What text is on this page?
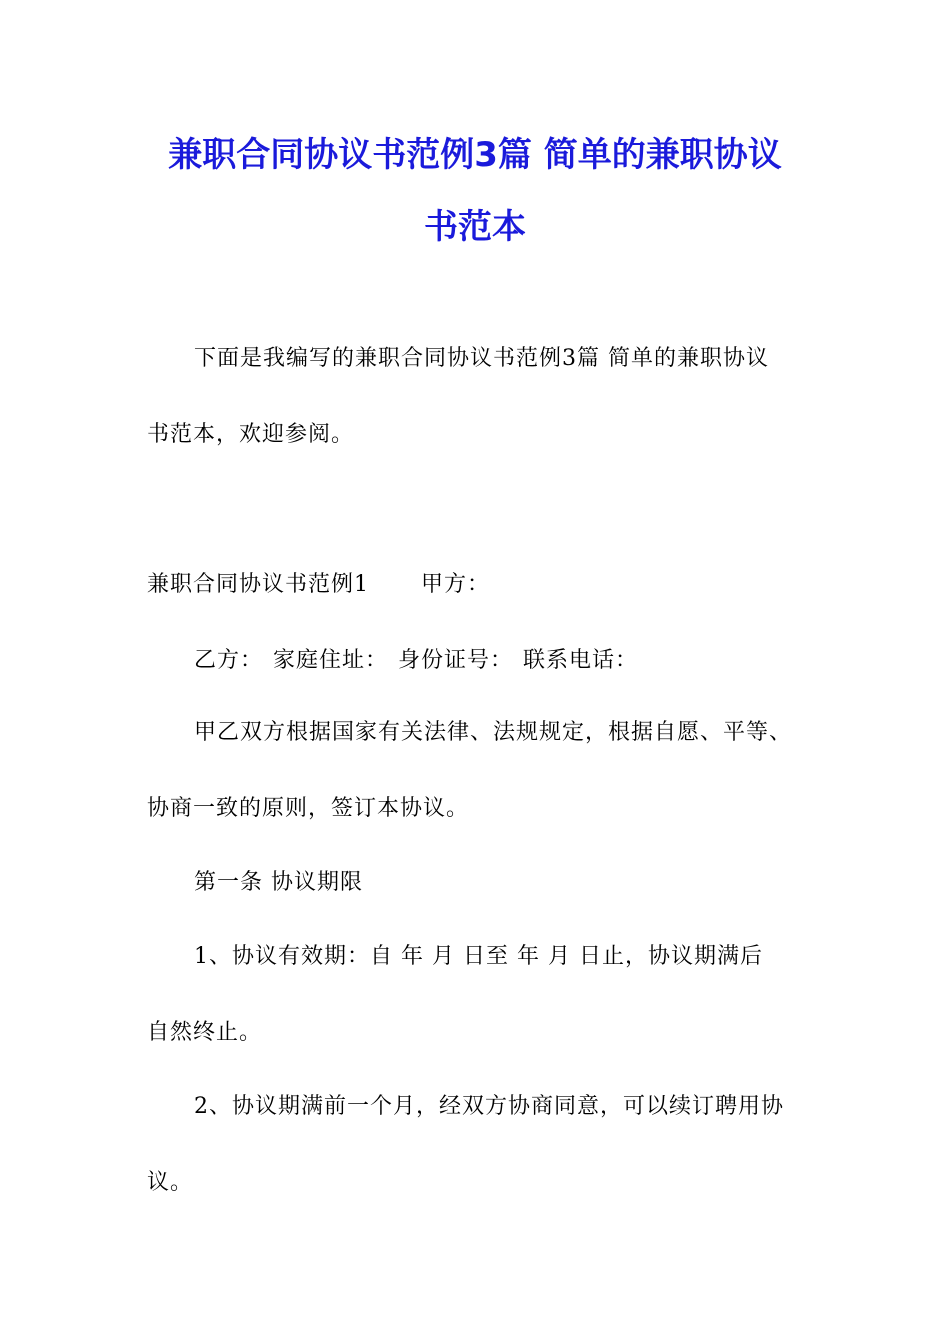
兼职合同协议书范例3篇 简单的兼职协议
书范本
下面是我编写的兼职合同协议书范例3篇 简单的兼职协议
书范本，欢迎参阅。
兼职合同协议书范例1 甲方：
乙方： 家庭住址： 身份证号： 联系电话：
甲乙双方根据国家有关法律、法规规定，根据自愿、平等、
协商一致的原则，签订本协议。
第一条 协议期限
1、协议有效期：自 年 月 日至 年 月 日止，协议期满后
自然终止。
2、协议期满前一个月，经双方协商同意，可以续订聘用协
议。
